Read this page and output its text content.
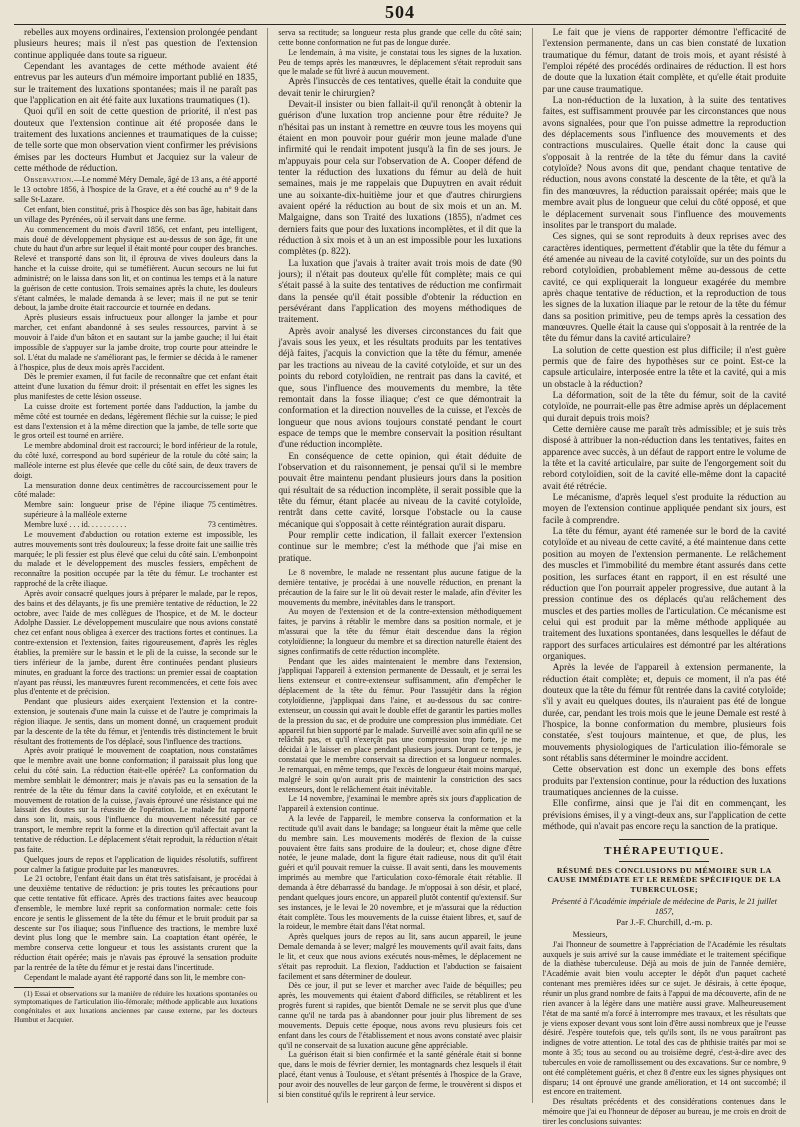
504

rebelles aux moyens ordinaires, l'extension prolongée pendant plusieurs heures; mais il n'est pas question de l'extension continue appliquée dans toute sa rigueur.

Cependant les avantages de cette méthode avaient été entrevus par les auteurs d'un mémoire important publié en 1835, sur le traitement des luxations spontanées; mais il ne paraît pas que l'application en ait été faite aux luxations traumatiques (1).

Quoi qu'il en soit de cette question de priorité, il n'est pas douteux que l'extension continue ait été proposée dans le traitement des luxations anciennes et traumatiques de la cuisse; de telle sorte que mon observation vient confirmer les prévisions émises par les docteurs Humbut et Jacquiez sur la valeur de cette méthode de réduction.

Observation.—Le nommé Méry Demale, âgé de 13 ans, a été apporté le 13 octobre 1856, à l'hospice de la Grave, et a été couché au n° 9 de la salle St-Lazare.

Cet enfant, bien constitué, pris à l'hospice dès son bas âge, habitait dans un village des Pyrénées, où il servait dans une ferme.

Au commencement du mois d'avril 1856, cet enfant, peu intelligent, mais doué de développement physique est au-dessus de son âge, fit une chute du haut d'un arbre sur lequel il était monté pour couper des branches. Relevé et transporté dans son lit, il éprouva de vives douleurs dans la hanche et la cuisse droite, qui se tuméfièrent. Aucun secours ne lui fut administré; on le laissa dans son lit, et on continua les temps et à la nature la guérison de cette contusion. Trois semaines après la chute, les douleurs s'étant calmées, le malade demanda à se lever; mais il ne put se tenir debout, la jambe droite était raccourcie et tournée en dedans.

Après plusieurs essais infructueux pour allonger la jambe et pour marcher, cet enfant abandonné à ses seules ressources, parvint à se mouvoir à l'aide d'un bâton et en sautant sur la jambe gauche; il lui était impossible de s'appuyer sur la jambe droite, trop courte pour atteindre le sol. L'état du malade ne s'améliorant pas, le fermier se décida à le ramener à l'hospice, plus de deux mois après l'accident.

Dès le premier examen, il fut facile de reconnaître que cet enfant était atteint d'une luxation du fémur droit: il présentait en effet les signes les plus manifestes de cette lésion osseuse.

La cuisse droite est fortement portée dans l'adduction, la jambe du même côté est tournée en dedans, légèrement fléchie sur la cuisse; le pied est dans l'extension et à la même direction que la jambe, de telle sorte que le gros orteil est tourné en arrière.

Le membre abdominal droit est raccourci; le bord inférieur de la rotule, du côté luxé, correspond au bord supérieur de la rotule du côté sain; la malléole interne est plus élevée que celle du côté sain, de deux travers de doigt.

La mensuration donne deux centimètres de raccourcissement pour le côté malade:

Membre sain: longueur prise de l'épine iliaque supérieure à la malléole externe
75 centimètres.
Membre luxé . . . id. . . . . . . . . .	73 centimètres.

Le mouvement d'abduction ou rotation externe est impossible, les autres mouvements sont très douloureux; la fesse droite fait une saillie très marquée; le pli fessier est plus élevé que celui du côté sain. L'embonpoint du malade et le développement des muscles fessiers, empêchent de reconnaître la position occupée par la tête du fémur. Le trochanter est rapproché de la crête iliaque.

Après avoir consacré quelques jours à préparer le malade, par le repos, des bains et des délayants, je fis une première tentative de réduction, le 22 octobre, avec l'aide de mes collègues de l'hospice, et de M. le docteur Adolphe Dassier. Le développement musculaire que nous avions constaté chez cet enfant nous obligea à exercer des tractions fortes et continues. La contre-extension et l'extension, faites rigoureusement, d'après les règles établies, la première sur le bassin et le pli de la cuisse, la seconde sur le tiers inférieur de la jambe, durent être continuées pendant plusieurs minutes, en graduant la force des tractions: un premier essai de coaptation n'ayant pas réussi, les manœuvres furent recommencées, et cette fois avec plus d'entente et de précision.

Pendant que plusieurs aides exerçaient l'extension et la contre-extension, je soutenais d'une main la cuisse et de l'autre je comprimais la région iliaque. Je sentis, dans un moment donné, un craquement produit par la descente de la tête du fémur, et j'entendis très distinctement le bruit résultant des frottements de l'os déplacé, sous l'influence des tractions.

Après avoir pratiqué le mouvement de coaptation, nous constatâmes que le membre avait une bonne conformation; il paraissait plus long que celui du côté sain. La réduction était-elle opérée? La conformation du membre semblait le démontrer; mais je n'avais pas eu la sensation de la rentrée de la tête du fémur dans la cavité cotyloïde, et en exécutant le mouvement de rotation de la cuisse, j'avais éprouvé une résistance qui me laissait des doutes sur la réussite de l'opération. Le malade fut rapporté dans son lit, mais, sous l'influence du mouvement nécessité par ce transport, le membre reprit la forme et la direction qu'il affectait avant la tentative de réduction. Le déplacement s'était reproduit, la réduction n'était pas faite.

Quelques jours de repos et l'application de liquides résolutifs, suffirent pour calmer la fatigue produite par les manœuvres.

Le 21 octobre, l'enfant était dans un état très satisfaisant, je procédai à une deuxième tentative de réduction: je pris toutes les précautions pour que cette tentative fût efficace. Après des tractions faites avec beaucoup d'ensemble, le membre luxé reprit sa conformation normale: cette fois encore je sentis le glissement de la tête du fémur et le bruit produit par sa descente sur l'os iliaque; sous l'influence des tractions, le membre luxé devint plus long que le membre sain. La coaptation étant opérée, le membre conserva cette longueur et tous les assistants crurent que la réduction était opérée; mais je n'avais pas éprouvé la sensation produite par la rentrée de la tête du fémur et je restai dans l'incertitude.

Cependant le malade ayant été rapporté dans son lit, le membre con-

(1) Essai et observations sur la manière de réduire les luxations spontanées ou symptomatiques de l'articulation ilio-fémorale; méthode applicable aux luxations congénitales et aux luxations anciennes par cause externe, par les docteurs Humbut et Jacquier.

serva sa rectitude; sa longueur resta plus grande que celle du côté sain; cette bonne conformation ne fut pas de longue durée.

Le lendemain, à ma visite, je constatai tous les signes de la luxation. Peu de temps après les manœuvres, le déplacement s'était reproduit sans que le malade se fût livré à aucun mouvement.

Après l'insuccès de ces tentatives, quelle était la conduite que devait tenir le chirurgien?

Devait-il insister ou bien fallait-il qu'il renonçât à obtenir la guérison d'une luxation trop ancienne pour être réduite? Je n'hésitai pas un instant à remettre en œuvre tous les moyens qui étaient en mon pouvoir pour guérir mon jeune malade d'une infirmité qui le rendait impotent jusqu'à la fin de ses jours. Je m'appuyais pour cela sur l'observation de A. Cooper défend de tenter la réduction des luxations du fémur au delà de huit semaines, mais je me rappelais que Dupuytren en avait réduit une au soixante-dix-huitième jour et que d'autres chirurgiens avaient opéré la réduction au bout de six mois et un an. M. Malgaigne, dans son Traité des luxations (1855), n'admet ces derniers faits que pour des luxations incomplètes, et il dit que la réduction à six mois et à un an est impossible pour les luxations complètes (p. 822).

La luxation que j'avais à traiter avait trois mois de date (90 jours); il n'était pas douteux qu'elle fût complète; mais ce qui s'était passé à la suite des tentatives de réduction me confirmait dans la pensée qu'il était possible d'obtenir la réduction en persévérant dans l'application des moyens méthodiques de traitement.

Après avoir analysé les diverses circonstances du fait que j'avais sous les yeux, et les résultats produits par les tentatives déjà faites, j'acquis la conviction que la tête du fémur, amenée par les tractions au niveau de la cavité cotyloïde, et sur un des points du rebord cotyloïdien, ne rentrait pas dans la cavité, et que, sous l'influence des mouvements du membre, la tête remontait dans la fosse iliaque; c'est ce que démontrait la conformation et la direction nouvelles de la cuisse, et l'excès de longueur que nous avions toujours constaté pendant le court espace de temps que le membre conservait la position résultant d'une réduction incomplète.

En conséquence de cette opinion, qui était déduite de l'observation et du raisonnement, je pensai qu'il si le membre pouvait être maintenu pendant plusieurs jours dans la position qui résultait de sa réduction incomplète, il serait possible que la tête du fémur, étant placée au niveau de la cavité cotyloïde, rentrât dans cette cavité, lorsque l'obstacle ou la cause mécanique qui s'opposait à cette réintégration aurait disparu.

Pour remplir cette indication, il fallait exercer l'extension continue sur le membre; c'est la méthode que j'ai mise en pratique.

Le 8 novembre, le malade ne ressentant plus aucune fatigue de la dernière tentative, je procédai à une nouvelle réduction, en prenant la précaution de la faire sur le lit où devait rester le malade, afin d'éviter les mouvements du membre, inévitables dans le transport.

Au moyen de l'extension et de la contre-extension méthodiquement faites, je parvins à rétablir le membre dans sa position normale, et je m'assurai que la tête du fémur était descendue dans la région cotyloïdienne; la longueur du membre et sa direction naturelle étaient des signes confirmatifs de cette réduction incomplète.

Pendant que les aides maintenaient le membre dans l'extension, j'appliquai l'appareil à extension permanente de Dessault, et je serrai les liens extenseur et contre-extenseur suffisamment, afin d'empêcher le déplacement de la tête du fémur. Pour l'assujétir dans la région cotyloïdienne, j'appliquai dans l'aine, et au-dessous du sac contre-extenseur, un coussin qui avait le double effet de garantir les parties molles de la pression du sac, et de produire une compression plus immédiate. Cet appareil fut bien supporté par le malade. Surveillé avec soin afin qu'il ne se relâchât pas, et qu'il n'exerçât pas une compression trop forte, je me décidai à le laisser en place pendant plusieurs jours. Durant ce temps, je constatai que le membre conservait sa direction et sa longueur normales. Je remarquai, en même temps, que l'excès de longueur était moins marqué, malgré le soin qu'on aurait pris de maintenir la constriction des sacs extenseurs, dont le relâchement était inévitable.

Le 14 novembre, j'examinai le membre après six jours d'application de l'appareil à extension continue.

A la levée de l'appareil, le membre conserva la conformation et la rectitude qu'il avait dans le bandage; sa longueur était la même que celle du membre sain. Les mouvements modérés de flexion de la cuisse pouvaient être faits sans produire de la douleur; et, chose digne d'être notée, le jeune malade, dont la figure était radieuse, nous dit qu'il était guéri et qu'il pouvait remuer la cuisse. Il avait senti, dans les mouvements imprimés au membre que l'articulation coxo-fémorale était rétablie. Il demanda à être débarrassé du bandage. Je m'opposai à son désir, et placé, pendant quelques jours encore, un appareil plutôt contentif qu'extensif. Sur ses instances, je le levai le 20 novembre, et je m'assurai que la réduction était complète. Tous les mouvements de la cuisse étaient libres, et, sauf de la roideur, le membre était dans l'état normal.

Après quelques jours de repos au lit, sans aucun appareil, le jeune Demale demanda à se lever; malgré les mouvements qu'il avait faits, dans le lit, et ceux que nous avions exécutés nous-mêmes, le déplacement ne s'était pas reproduit. La flexion, l'adduction et l'abduction se faisaient facilement et sans déterminer de douleur.

Dès ce jour, il put se lever et marcher avec l'aide de béquilles; peu après, les mouvements qui étaient d'abord difficiles, se rétablirent et les progrès furent si rapides, que bientôt Demale ne se servit plus que d'une canne qu'il ne tarda pas à abandonner pour jouir plus librement de ses mouvements. Depuis cette époque, nous avons revu plusieurs fois cet enfant dans les cours de l'établissement et nous avons constaté avec plaisir qu'il ne conservait de sa luxation aucune gêne appréciable.

La guérison était si bien confirmée et la santé générale était si bonne que, dans le mois de février dernier, les montagnards chez lesquels il était placé, étant venus à Toulouse, et s'étant présentés à l'hospice de la Grave, pour avoir des nouvelles de leur garçon de ferme, le trouvèrent si dispos et si bien constitué qu'ils le reprirent à leur service.

Le fait que je viens de rapporter démontre l'efficacité de l'extension permanente, dans un cas bien constaté de luxation traumatique du fémur, datant de trois mois, et ayant résisté à l'emploi répété des procédés ordinaires de réduction. Il est hors de doute que la luxation était complète, et qu'elle était produite par une cause traumatique.

La non-réduction de la luxation, à la suite des tentatives faites, est suffisamment prouvée par les circonstances que nous avons signalées, pour que l'on puisse admettre la reproduction des déplacements sous l'influence des mouvements et des contractions musculaires. Quelle était donc la cause qui s'opposait à la rentrée de la tête du fémur dans la cavité cotyloïde? Nous avons dit que, pendant chaque tentative de réduction, nous avons constaté la descente de la tête, et qu'à la fin des manœuvres, la réduction paraissait opérée; mais que le membre avait plus de longueur que celui du côté opposé, et que le déplacement survenait sous l'influence des mouvements insolites par le transport du malade.

Ces signes, qui se sont reproduits à deux reprises avec des caractères identiques, permettent d'établir que la tête du fémur a été amenée au niveau de la cavité cotyloïde, sur un des points du rebord cotyloïdien, probablement même au-dessous de cette cavité, ce qui expliquerait la longueur exagérée du membre après chaque tentative de réduction, et la reproduction de tous les signes de la luxation iliaque par le retour de la tête du fémur dans sa position primitive, peu de temps après la cessation des manœuvres. Quelle était la cause qui s'opposait à la rentrée de la tête du fémur dans la cavité articulaire?

La solution de cette question est plus difficile; il n'est guère permis que de faire des hypothèses sur ce point. Est-ce la capsule articulaire, interposée entre la tête et la cavité, qui a mis un obstacle à la réduction?

La déformation, soit de la tête du fémur, soit de la cavité cotyloïde, ne pourrait-elle pas être admise après un déplacement qui durait depuis trois mois?

Cette dernière cause me paraît très admissible; et je suis très disposé à attribuer la non-réduction dans les tentatives, faites en apparence avec succès, à un défaut de rapport entre le volume de la tête et la cavité articulaire, par suite de l'engorgement soit du rebord cotyloïdien, soit de la cavité elle-même dont la capacité avait été rétrécie.

Le mécanisme, d'après lequel s'est produite la réduction au moyen de l'extension continue appliquée pendant six jours, est facile à comprendre.

La tête du fémur, ayant été ramenée sur le bord de la cavité cotyloïde et au niveau de cette cavité, a été maintenue dans cette position au moyen de l'extension permanente. Le relâchement des muscles et l'immobilité du membre étant assurés dans cette position, les surfaces étant en rapport, il en est résulté une réduction que l'on pourrait appeler progressive, due autant à la pression continue des os déplacés qu'au relâchement des muscles et des parties molles de l'articulation. Ce mécanisme est celui qui est produit par la même méthode appliquée au traitement des luxations spontanées, dans lesquelles le défaut de rapport des surfaces articulaires est démontré par les altérations organiques.

Après la levée de l'appareil à extension permanente, la réduction était complète; et, depuis ce moment, il n'a pas été douteux que la tête du fémur fût rentrée dans la cavité cotyloïde; s'il y avait eu quelques doutes, ils n'auraient pas été de longue durée, car, pendant les trois mois que le jeune Demale est resté à l'hospice, la bonne conformation du membre, plusieurs fois constatée, s'est toujours maintenue, et que, de plus, les mouvements physiologiques de l'articulation ilio-fémorale se sont rétablis sans déterminer le moindre accident.

Cette observation est donc un exemple des bons effets produits par l'extension continue, pour la réduction des luxations traumatiques anciennes de la cuisse.

Elle confirme, ainsi que je l'ai dit en commençant, les prévisions émises, il y a vingt-deux ans, sur l'application de cette méthode, qui n'avait pas encore reçu la sanction de la pratique.

THÉRAPEUTIQUE.
RÉSUMÉ DES CONCLUSIONS DU MÉMOIRE SUR LA CAUSE IMMÉDIATE ET LE REMÈDE SPÉCIFIQUE DE LA TUBERCULOSE;
Présenté à l'Académie impériale de médecine de Paris, le 21 juillet 1857,
Par J.-F. Churchill, d.-m. p.

Messieurs,

J'ai l'honneur de soumettre à l'appréciation de l'Académie les résultats auxquels je suis arrivé sur la cause immédiate et le traitement spécifique de la diathèse tuberculeuse. Déjà au mois de juin de l'année dernière, l'Académie avait bien voulu accepter le dépôt d'un paquet cacheté contenant mes premières idées sur ce sujet. Je désirais, à cette époque, réunir un plus grand nombre de faits à l'appui de ma découverte, afin de ne rien avancer à la légère dans une matière aussi grave. Malheureusement l'état de ma santé m'a forcé à interrompre mes travaux, et les résultats que je viens exposer devant vous sont loin d'être aussi nombreux que je l'eusse désiré. J'espère toutefois que, tels qu'ils sont, ils ne vous paraîtront pas indignes de votre attention. Le total des cas de phthisie traités par moi se monte à 35; tous au second ou au troisième degré, c'est-à-dire avec des tubercules en voie de ramollissement ou des excavations. Sur ce nombre, 9 ont été complètement guéris, et chez 8 d'entre eux les signes physiques ont disparu; 14 ont éprouvé une grande amélioration, et 14 ont succombé; il est encore en traitement.

Des résultats précédents et des considérations contenues dans le mémoire que j'ai eu l'honneur de déposer au bureau, je me crois en droit de tirer les conclusions suivantes:
